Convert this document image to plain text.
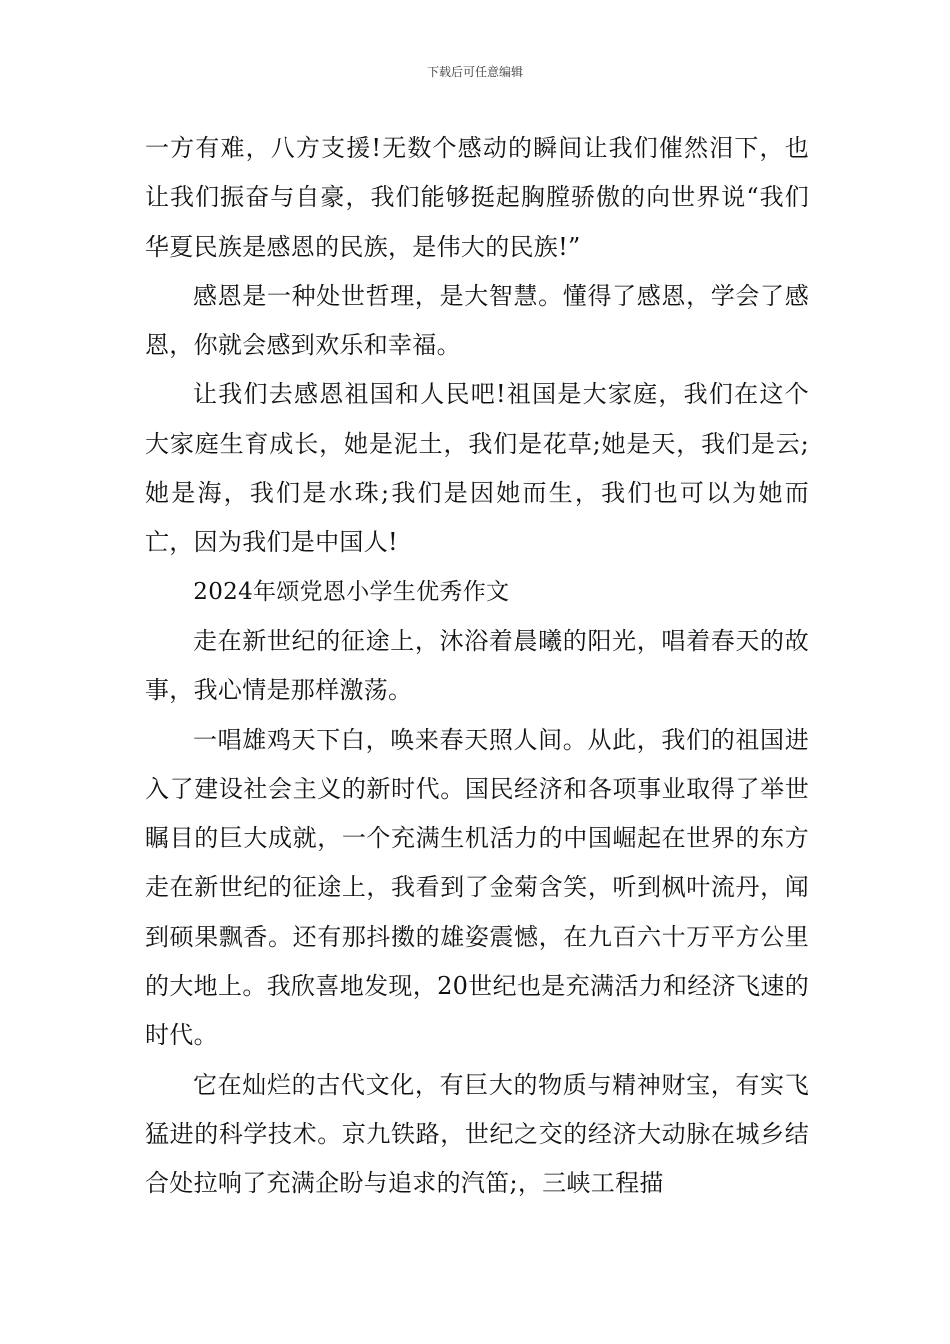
下载后可任意编辑

一方有难，八方支援!无数个感动的瞬间让我们催然泪下，也让我们振奋与自豪，我们能够挺起胸膛骄傲的向世界说“我们华夏民族是感恩的民族，是伟大的民族!”

感恩是一种处世哲理，是大智慧。懂得了感恩，学会了感恩，你就会感到欢乐和幸福。

让我们去感恩祖国和人民吧!祖国是大家庭，我们在这个大家庭生育成长，她是泥土，我们是花草;她是天，我们是云;她是海，我们是水珠;我们是因她而生，我们也可以为她而亡，因为我们是中国人!

2024年颂党恩小学生优秀作文

走在新世纪的征途上，沐浴着晨曦的阳光，唱着春天的故事，我心情是那样激荡。

一唱雄鸡天下白，唤来春天照人间。从此，我们的祖国进入了建设社会主义的新时代。国民经济和各项事业取得了举世瞩目的巨大成就，一个充满生机活力的中国崛起在世界的东方走在新世纪的征途上，我看到了金菊含笑，听到枫叶流丹，闻到硕果飘香。还有那抖擞的雄姿震憾，在九百六十万平方公里的大地上。我欣喜地发现，20世纪也是充满活力和经济飞速的时代。

它在灿烂的古代文化，有巨大的物质与精神财宝，有实飞猛进的科学技术。京九铁路，世纪之交的经济大动脉在城乡结合处拉响了充满企盼与追求的汽笛;，三峡工程描
